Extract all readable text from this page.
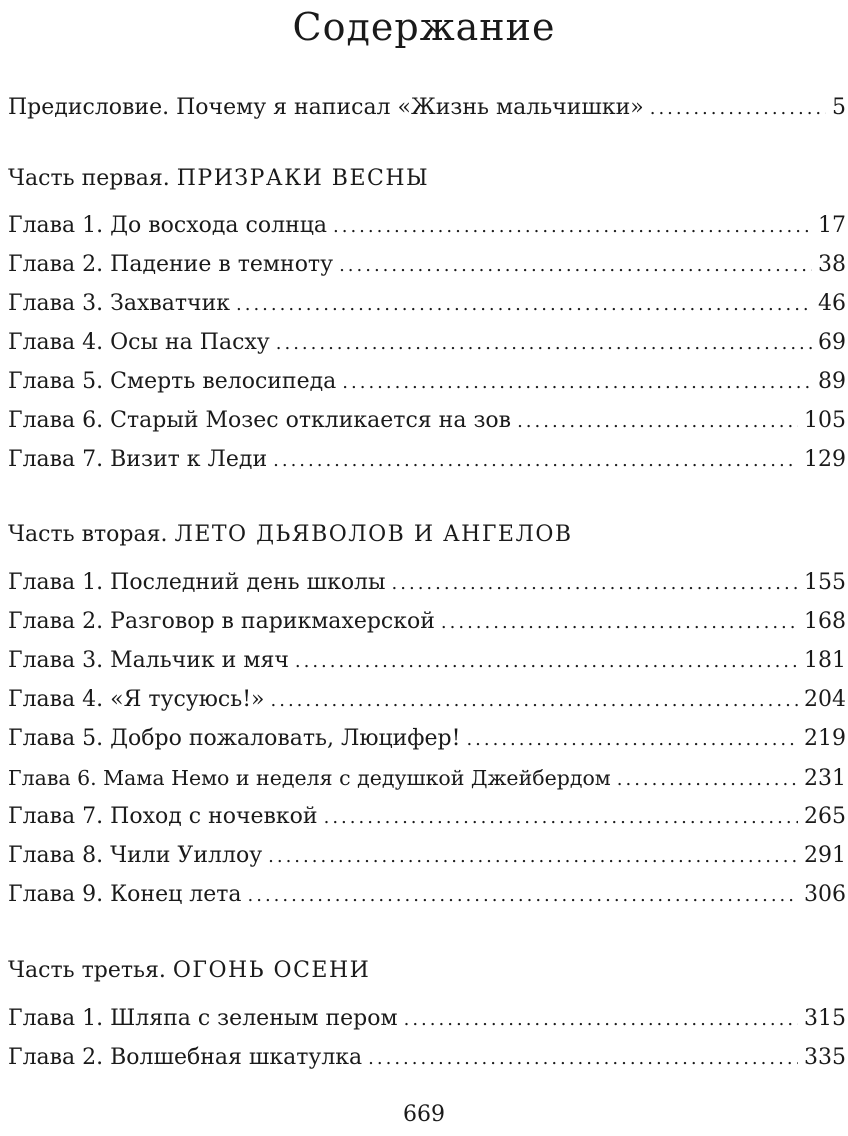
Содержание
Предисловие. Почему я написал «Жизнь мальчишки» .....	5
Часть первая. ПРИЗРАКИ ВЕСНЫ
Глава 1. До восхода солнца .....	17
Глава 2. Падение в темноту .....	38
Глава 3. Захватчик .....	46
Глава 4. Осы на Пасху .....	69
Глава 5. Смерть велосипеда .....	89
Глава 6. Старый Мозес откликается на зов .....	105
Глава 7. Визит к Леди .....	129
Часть вторая. ЛЕТО ДЬЯВОЛОВ И АНГЕЛОВ
Глава 1. Последний день школы .....	155
Глава 2. Разговор в парикмахерской .....	168
Глава 3. Мальчик и мяч .....	181
Глава 4. «Я тусуюсь!» .....	204
Глава 5. Добро пожаловать, Люцифер! .....	219
Глава 6. Мама Немо и неделя с дедушкой Джейбердом .....	231
Глава 7. Поход с ночевкой .....	265
Глава 8. Чили Уиллоу .....	291
Глава 9. Конец лета .....	306
Часть третья. ОГОНЬ ОСЕНИ
Глава 1. Шляпа с зеленым пером .....	315
Глава 2. Волшебная шкатулка .....	335
669
